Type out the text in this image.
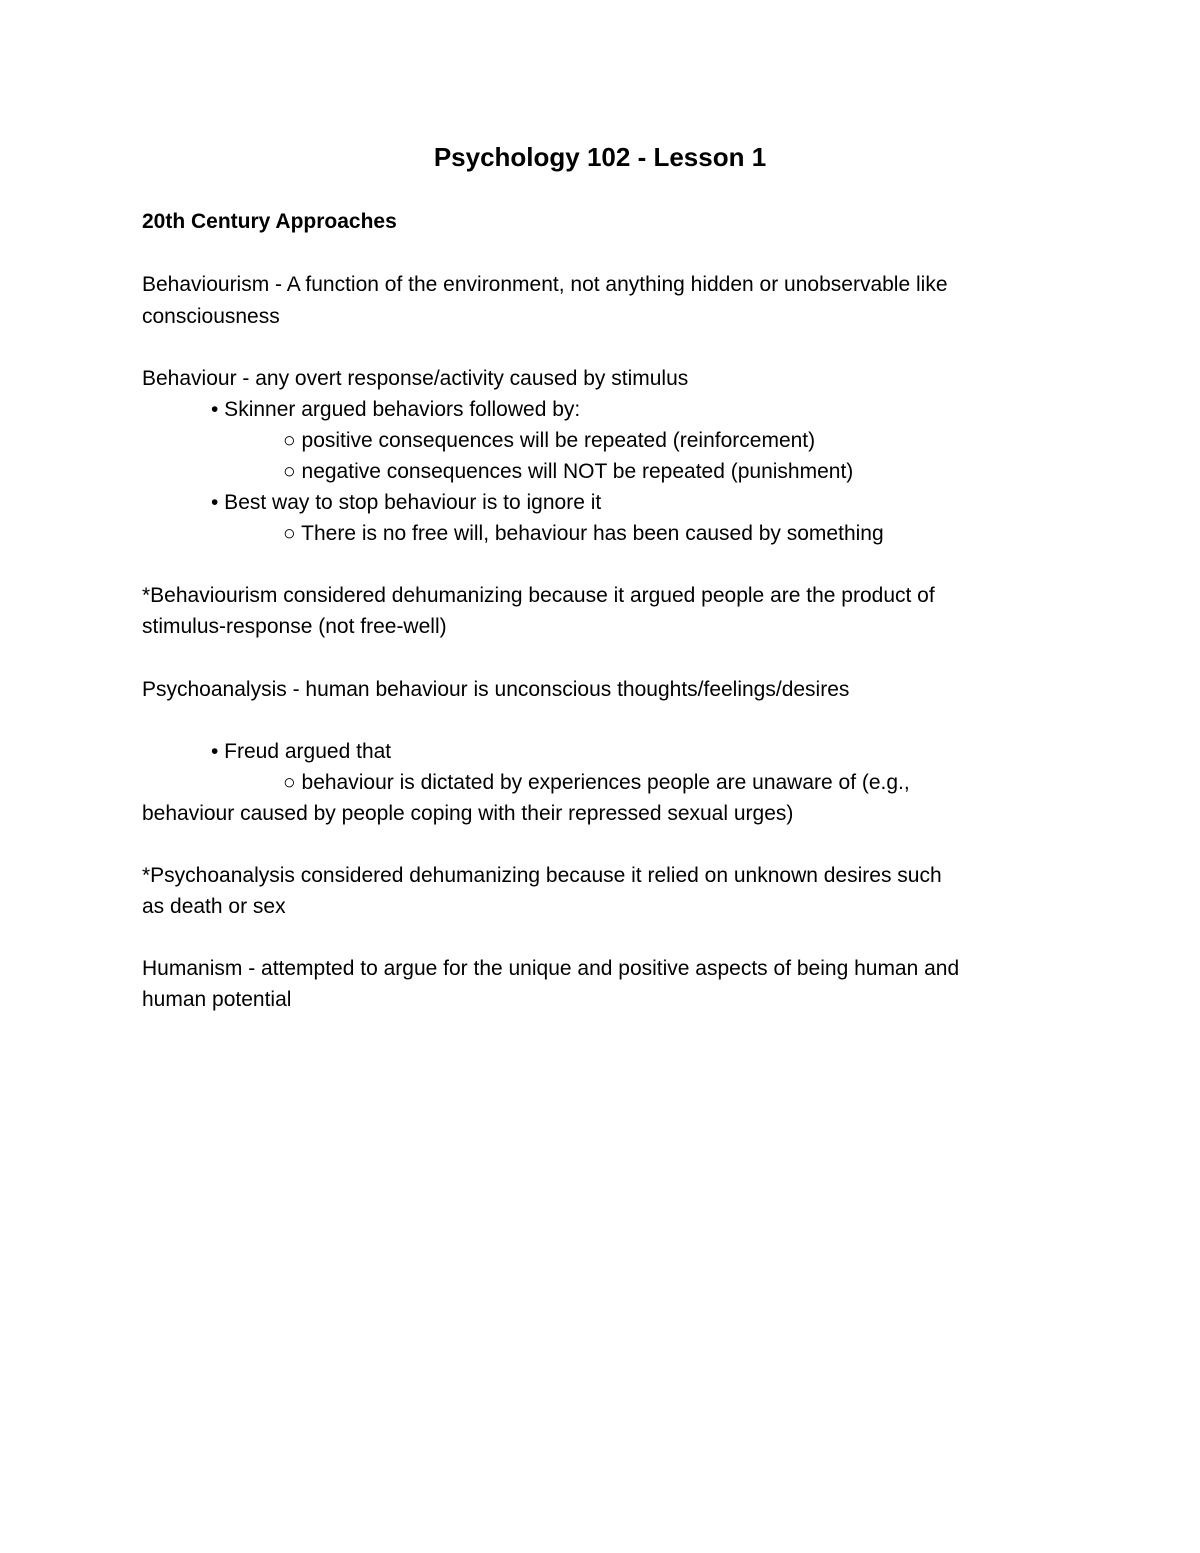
Psychology 102 - Lesson 1
20th Century Approaches
Behaviourism - A function of the environment, not anything hidden or unobservable like
consciousness
Behaviour - any overt response/activity caused by stimulus
• Skinner argued behaviors followed by:
○ positive consequences will be repeated (reinforcement)
○ negative consequences will NOT be repeated (punishment)
• Best way to stop behaviour is to ignore it
○ There is no free will, behaviour has been caused by something
*Behaviourism considered dehumanizing because it argued people are the product of
stimulus-response (not free-well)
Psychoanalysis - human behaviour is unconscious thoughts/feelings/desires
• Freud argued that
○ behaviour is dictated by experiences people are unaware of (e.g.,
behaviour caused by people coping with their repressed sexual urges)
*Psychoanalysis considered dehumanizing because it relied on unknown desires such
as death or sex
Humanism - attempted to argue for the unique and positive aspects of being human and
human potential
